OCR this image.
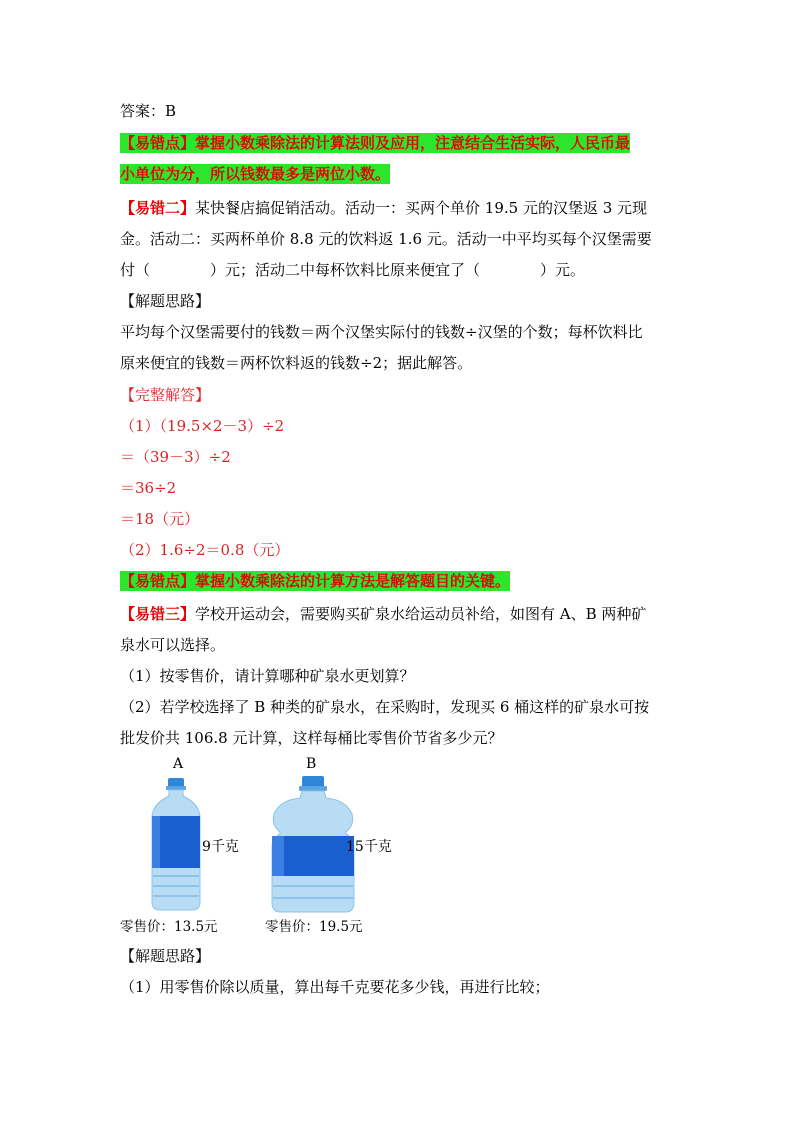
答案：B
【易错点】掌握小数乘除法的计算法则及应用，注意结合生活实际，人民币最
小单位为分，所以钱数最多是两位小数。
【易错二】某快餐店搞促销活动。活动一：买两个单价 19.5 元的汉堡返 3 元现
金。活动二：买两杯单价 8.8 元的饮料返 1.6 元。活动一中平均买每个汉堡需要
付（　　　　）元；活动二中每杯饮料比原来便宜了（　　　　）元。
【解题思路】
平均每个汉堡需要付的钱数＝两个汉堡实际付的钱数÷汉堡的个数；每杯饮料比
原来便宜的钱数＝两杯饮料返的钱数÷2；据此解答。
【完整解答】
（1）（19.5×2－3）÷2
＝（39－3）÷2
＝36÷2
＝18（元）
（2）1.6÷2＝0.8（元）
【易错点】掌握小数乘除法的计算方法是解答题目的关键。
【易错三】学校开运动会，需要购买矿泉水给运动员补给，如图有 A、B 两种矿
泉水可以选择。
（1）按零售价，请计算哪种矿泉水更划算？
（2）若学校选择了 B 种类的矿泉水，在采购时，发现买 6 桶这样的矿泉水可按
批发价共 106.8 元计算，这样每桶比零售价节省多少元？
A	B
9千克	15千克
零售价：13.5元	零售价：19.5元
【解题思路】
（1）用零售价除以质量，算出每千克要花多少钱，再进行比较；
